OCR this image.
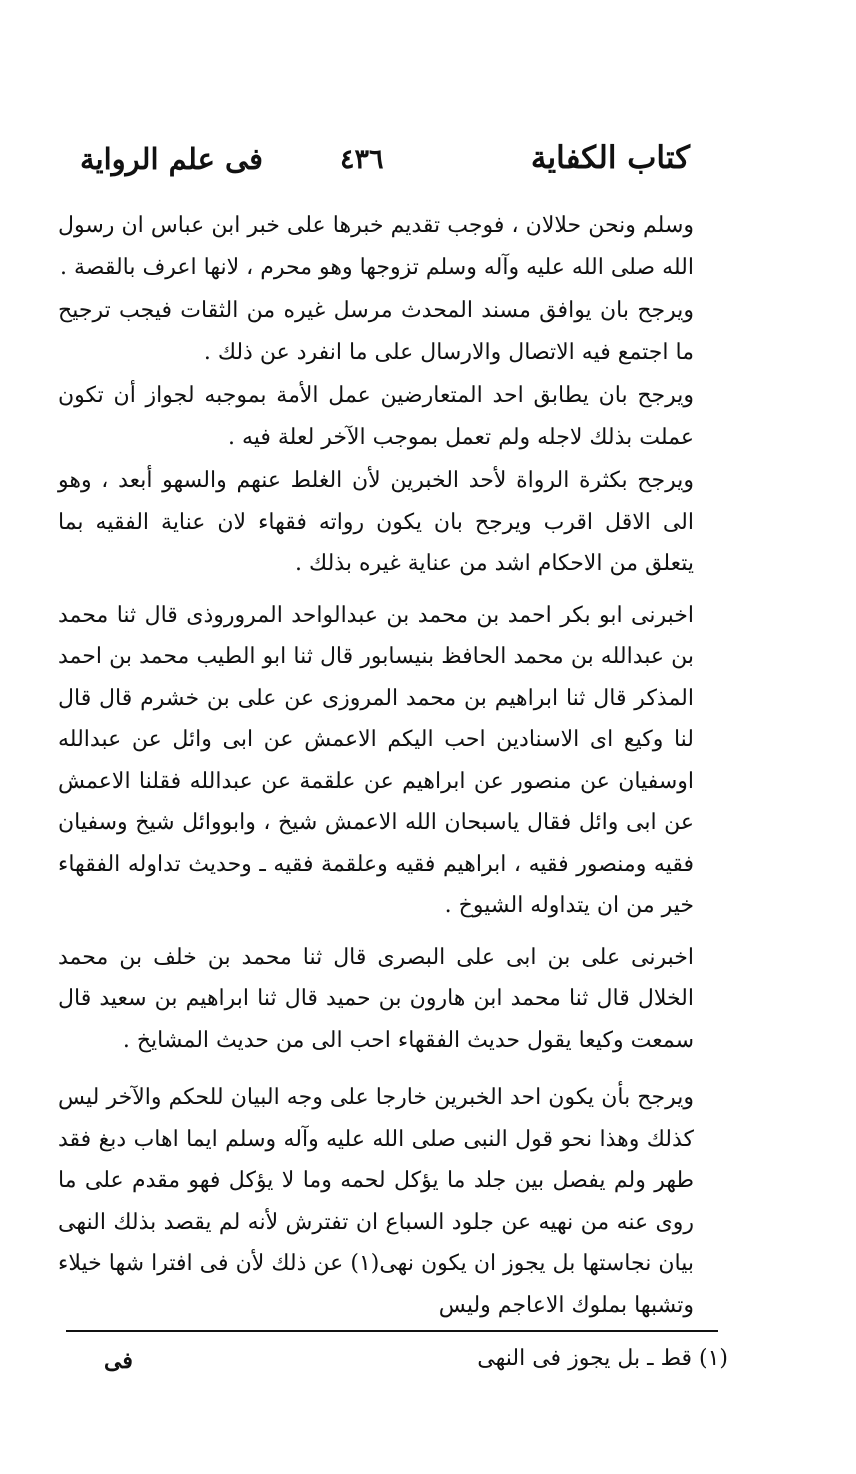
كتاب الكفاية
٤٣٦
فى علم الرواية

وسلم ونحن حلالان ، فوجب تقديم خبرها على خبر ابن عباس ان رسول الله صلى الله عليه وآله وسلم تزوجها وهو محرم ، لانها اعرف بالقصة .

ويرجح بان يوافق مسند المحدث مرسل غيره من الثقات فيجب ترجيح ما اجتمع فيه الاتصال والارسال على ما انفرد عن ذلك .

ويرجح بان يطابق احد المتعارضين عمل الأمة بموجبه لجواز أن تكون عملت بذلك لاجله ولم تعمل بموجب الآخر لعلة فيه .

ويرجح بكثرة الرواة لأحد الخبرين لأن الغلط عنهم والسهو أبعد ، وهو الى الاقل اقرب ويرجح بان يكون رواته فقهاء لان عناية الفقيه بما يتعلق من الاحكام اشد من عناية غيره بذلك .

اخبرنى ابو بكر احمد بن محمد بن عبدالواحد المروروذى قال ثنا محمد بن عبدالله بن محمد الحافظ بنيسابور قال ثنا ابو الطيب محمد بن احمد المذكر قال ثنا ابراهيم بن محمد المروزى عن على بن خشرم قال قال لنا وكيع اى الاسنادين احب اليكم الاعمش عن ابى وائل عن عبدالله اوسفيان عن منصور عن ابراهيم عن علقمة عن عبدالله فقلنا الاعمش عن ابى وائل فقال ياسبحان الله الاعمش شيخ ، وابووائل شيخ وسفيان فقيه ومنصور فقيه ، ابراهيم فقيه وعلقمة فقيه ـ وحديث تداوله الفقهاء خير من ان يتداوله الشيوخ .

اخبرنى على بن ابى على البصرى قال ثنا محمد بن خلف بن محمد الخلال قال ثنا محمد ابن هارون بن حميد قال ثنا ابراهيم بن سعيد قال سمعت وكيعا يقول حديث الفقهاء احب الى من حديث المشايخ .

ويرجح بأن يكون احد الخبرين خارجا على وجه البيان للحكم والآخر ليس كذلك وهذا نحو قول النبى صلى الله عليه وآله وسلم ايما اهاب دبغ فقد طهر ولم يفصل بين جلد ما يؤكل لحمه وما لا يؤكل فهو مقدم على ما روى عنه من نهيه عن جلود السباع ان تفترش لأنه لم يقصد بذلك النهى بيان نجاستها بل يجوز ان يكون نهى(١) عن ذلك لأن فى افترا شها خيلاء وتشبها بملوك الاعاجم وليس

(١) قط ـ بل يجوز فى النهى
فى
